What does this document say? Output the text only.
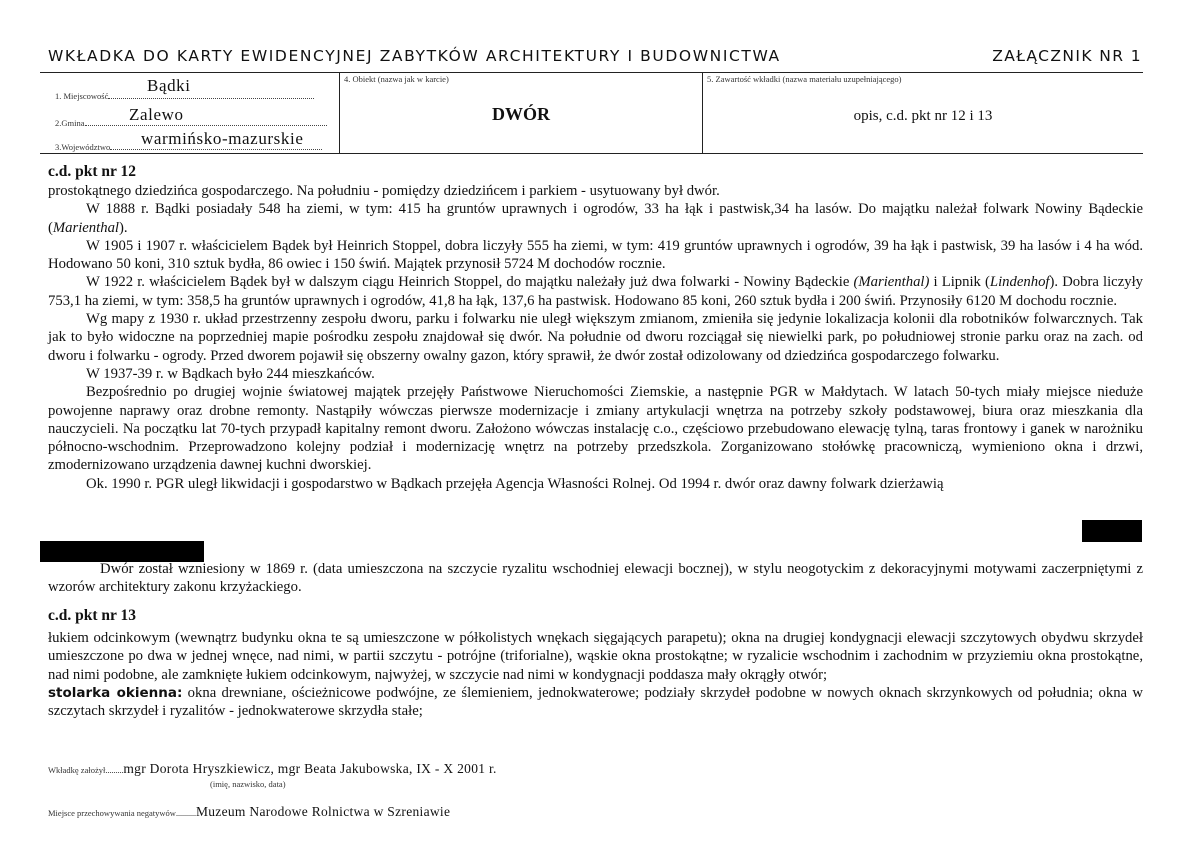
WKŁADKA DO KARTY EWIDENCYJNEJ ZABYTKÓW ARCHITEKTURY I BUDOWNICTWA	ZAŁĄCZNIK NR 1
1. Miejscowość
Bądki
2.Gmina	Zalewo
3.Województwo warmińsko-mazurskie
4. Obiekt (nazwa jak w karcie)
DWÓR
5. Zawartość wkładki (nazwa materiału uzupełniającego)
opis, c.d. pkt nr 12 i 13

c.d. pkt nr 12

prostokątnego dziedzińca gospodarczego. Na południu - pomiędzy dziedzińcem i parkiem - usytuowany był dwór.

W 1888 r. Bądki posiadały 548 ha ziemi, w tym: 415 ha gruntów uprawnych i ogrodów, 33 ha łąk i pastwisk,34 ha lasów. Do majątku należał folwark Nowiny Bądeckie (Marienthal).

W 1905 i 1907 r. właścicielem Bądek był Heinrich Stoppel, dobra liczyły 555 ha ziemi, w tym: 419 gruntów uprawnych i ogrodów, 39 ha łąk i pastwisk, 39 ha lasów i 4 ha wód. Hodowano 50 koni, 310 sztuk bydła, 86 owiec i 150 świń. Majątek przynosił 5724 M dochodów rocznie.

W 1922 r. właścicielem Bądek był w dalszym ciągu Heinrich Stoppel, do majątku należały już dwa folwarki - Nowiny Bądeckie (Marienthal) i Lipnik (Lindenhof). Dobra liczyły 753,1 ha ziemi, w tym: 358,5 ha gruntów uprawnych i ogrodów, 41,8 ha łąk, 137,6 ha pastwisk. Hodowano 85 koni, 260 sztuk bydła i 200 świń. Przynosiły 6120 M dochodu rocznie.

Wg mapy z 1930 r. układ przestrzenny zespołu dworu, parku i folwarku nie uległ większym zmianom, zmieniła się jedynie lokalizacja kolonii dla robotników folwarcznych. Tak jak to było widoczne na poprzedniej mapie pośrodku zespołu znajdował się dwór. Na południe od dworu rozciągał się niewielki park, po południowej stronie parku oraz na zach. od dworu i folwarku - ogrody. Przed dworem pojawił się obszerny owalny gazon, który sprawił, że dwór został odizolowany od dziedzińca gospodarczego folwarku.

W 1937-39 r. w Bądkach było 244 mieszkańców.

Bezpośrednio po drugiej wojnie światowej majątek przejęły Państwowe Nieruchomości Ziemskie, a następnie PGR w Małdytach. W latach 50-tych miały miejsce nieduże powojenne naprawy oraz drobne remonty. Nastąpiły wówczas pierwsze modernizacje i zmiany artykulacji wnętrza na potrzeby szkoły podstawowej, biura oraz mieszkania dla nauczycieli. Na początku lat 70-tych przypadł kapitalny remont dworu. Założono wówczas instalację c.o., częściowo przebudowano elewację tylną, taras frontowy i ganek w narożniku północno-wschodnim. Przeprowadzono kolejny podział i modernizację wnętrz na potrzeby przedszkola. Zorganizowano stołówkę pracowniczą, wymieniono okna i drzwi, zmodernizowano urządzenia dawnej kuchni dworskiej.

Ok. 1990 r. PGR uległ likwidacji i gospodarstwo w Bądkach przejęła Agencja Własności Rolnej. Od 1994 r. dwór oraz dawny folwark dzierżawią

Dwór został wzniesiony w 1869 r. (data umieszczona na szczycie ryzalitu wschodniej elewacji bocznej), w stylu neogotyckim z dekoracyjnymi motywami zaczerpniętymi z wzorów architektury zakonu krzyżackiego.

c.d. pkt nr 13

łukiem odcinkowym (wewnątrz budynku okna te są umieszczone w półkolistych wnękach sięgających parapetu); okna na drugiej kondygnacji elewacji szczytowych obydwu skrzydeł umieszczone po dwa w jednej wnęce, nad nimi, w partii szczytu - potrójne (triforialne), wąskie okna prostokątne; w ryzalicie wschodnim i zachodnim w przyziemiu okna prostokątne, nad nimi podobne, ale zamknięte łukiem odcinkowym, najwyżej, w szczycie nad nimi w kondygnacji poddasza mały okrągły otwór;

stolarka okienna: okna drewniane, ościeżnicowe podwójne, ze ślemieniem, jednokwaterowe; podziały skrzydeł podobne w nowych oknach skrzynkowych od południa; okna w szczytach skrzydeł i ryzalitów - jednokwaterowe skrzydła stałe;

Wkładkę założył.........mgr Dorota Hryszkiewicz, mgr Beata Jakubowska, IX - X 2001 r.
(imię, nazwisko, data)
Miejsce przechowywania negatywów..........Muzeum Narodowe Rolnictwa w Szreniawie
